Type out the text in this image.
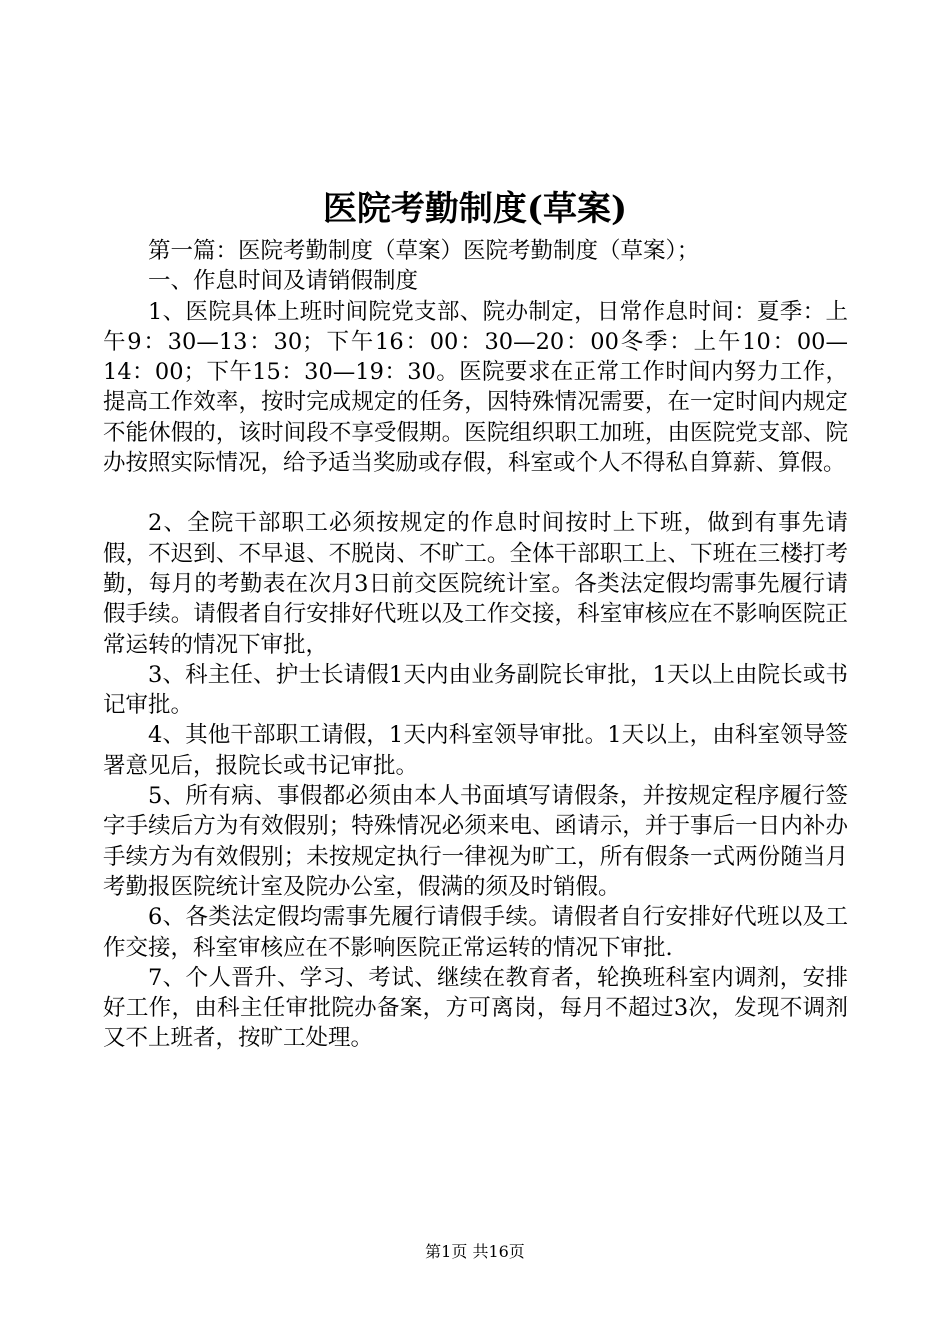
医院考勤制度(草案)

第一篇：医院考勤制度（草案）医院考勤制度（草案）；

一、作息时间及请销假制度

1、医院具体上班时间院党支部、院办制定，日常作息时间：夏季：上午9：30—13：30；下午16：00：30—20：00冬季：上午10：00—14：00；下午15：30—19：30。医院要求在正常工作时间内努力工作，提高工作效率，按时完成规定的任务，因特殊情况需要，在一定时间内规定不能休假的，该时间段不享受假期。医院组织职工加班，由医院党支部、院办按照实际情况，给予适当奖励或存假，科室或个人不得私自算薪、算假。

2、全院干部职工必须按规定的作息时间按时上下班，做到有事先请假，不迟到、不早退、不脱岗、不旷工。全体干部职工上、下班在三楼打考勤，每月的考勤表在次月3日前交医院统计室。各类法定假均需事先履行请假手续。请假者自行安排好代班以及工作交接，科室审核应在不影响医院正常运转的情况下审批，

3、科主任、护士长请假1天内由业务副院长审批，1天以上由院长或书记审批。

4、其他干部职工请假，1天内科室领导审批。1天以上，由科室领导签署意见后，报院长或书记审批。

5、所有病、事假都必须由本人书面填写请假条，并按规定程序履行签字手续后方为有效假别；特殊情况必须来电、函请示，并于事后一日内补办手续方为有效假别；未按规定执行一律视为旷工，所有假条一式两份随当月考勤报医院统计室及院办公室，假满的须及时销假。

6、各类法定假均需事先履行请假手续。请假者自行安排好代班以及工作交接，科室审核应在不影响医院正常运转的情况下审批.

7、个人晋升、学习、考试、继续在教育者，轮换班科室内调剂，安排好工作，由科主任审批院办备案，方可离岗，每月不超过3次，发现不调剂又不上班者，按旷工处理。

第1页 共16页
